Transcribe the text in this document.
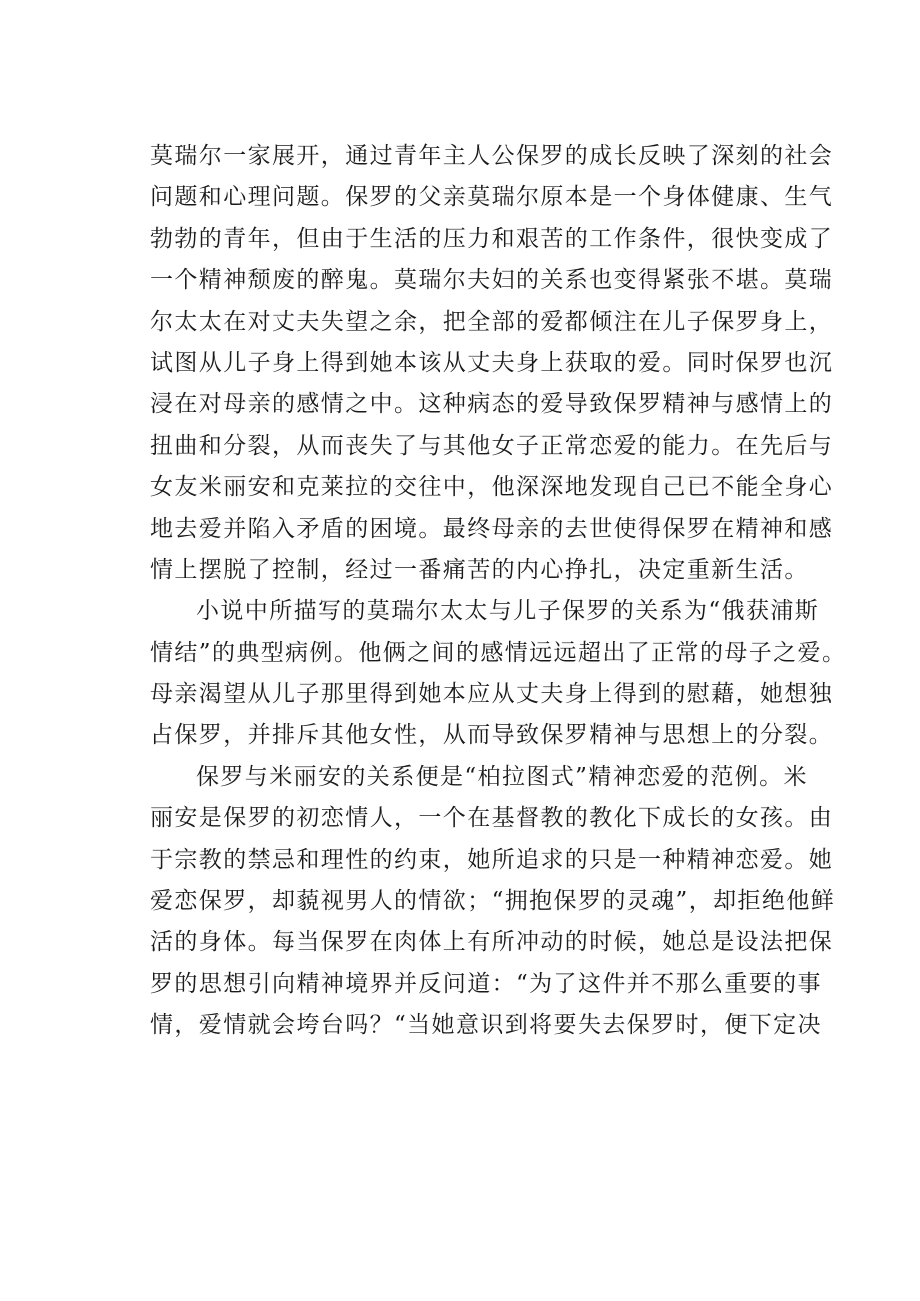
莫瑞尔一家展开，通过青年主人公保罗的成长反映了深刻的社会
问题和心理问题。保罗的父亲莫瑞尔原本是一个身体健康、生气
勃勃的青年，但由于生活的压力和艰苦的工作条件，很快变成了
一个精神颓废的醉鬼。莫瑞尔夫妇的关系也变得紧张不堪。莫瑞
尔太太在对丈夫失望之余，把全部的爱都倾注在儿子保罗身上，
试图从儿子身上得到她本该从丈夫身上获取的爱。同时保罗也沉
浸在对母亲的感情之中。这种病态的爱导致保罗精神与感情上的
扭曲和分裂，从而丧失了与其他女子正常恋爱的能力。在先后与
女友米丽安和克莱拉的交往中，他深深地发现自己已不能全身心
地去爱并陷入矛盾的困境。最终母亲的去世使得保罗在精神和感
情上摆脱了控制，经过一番痛苦的内心挣扎，决定重新生活。
小说中所描写的莫瑞尔太太与儿子保罗的关系为“俄获浦斯
情结”的典型病例。他俩之间的感情远远超出了正常的母子之爱。
母亲渴望从儿子那里得到她本应从丈夫身上得到的慰藉，她想独
占保罗，并排斥其他女性，从而导致保罗精神与思想上的分裂。
保罗与米丽安的关系便是“柏拉图式”精神恋爱的范例。米
丽安是保罗的初恋情人，一个在基督教的教化下成长的女孩。由
于宗教的禁忌和理性的约束，她所追求的只是一种精神恋爱。她
爱恋保罗，却藐视男人的情欲；“拥抱保罗的灵魂”，却拒绝他鲜
活的身体。每当保罗在肉体上有所冲动的时候，她总是设法把保
罗的思想引向精神境界并反问道：“为了这件并不那么重要的事
情，爱情就会垮台吗？“当她意识到将要失去保罗时，便下定决
